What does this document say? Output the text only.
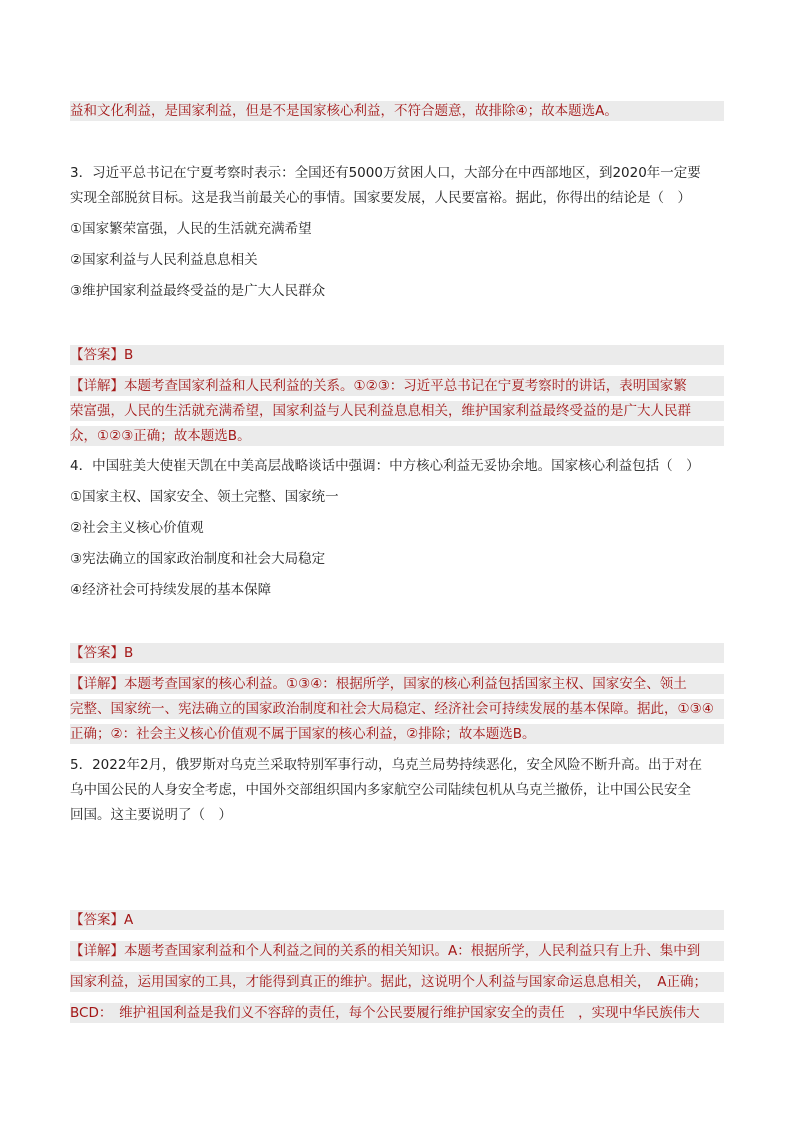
益和文化利益，是国家利益，但是不是国家核心利益，不符合题意，故排除④；故本题选A。
3．习近平总书记在宁夏考察时表示：全国还有5000万贫困人口，大部分在中西部地区，到2020年一定要
实现全部脱贫目标。这是我当前最关心的事情。国家要发展，人民要富裕。据此，你得出的结论是（　）
①国家繁荣富强，人民的生活就充满希望
②国家利益与人民利益息息相关
③维护国家利益最终受益的是广大人民群众
【答案】B
【详解】本题考查国家利益和人民利益的关系。①②③：习近平总书记在宁夏考察时的讲话，表明国家繁
荣富强，人民的生活就充满希望，国家利益与人民利益息息相关，维护国家利益最终受益的是广大人民群
众，①②③正确；故本题选B。
4．中国驻美大使崔天凯在中美高层战略谈话中强调：中方核心利益无妥协余地。国家核心利益包括（　）
①国家主权、国家安全、领土完整、国家统一
②社会主义核心价值观
③宪法确立的国家政治制度和社会大局稳定
④经济社会可持续发展的基本保障
【答案】B
【详解】本题考查国家的核心利益。①③④：根据所学，国家的核心利益包括国家主权、国家安全、领土
完整、国家统一、宪法确立的国家政治制度和社会大局稳定、经济社会可持续发展的基本保障。据此，①③④
正确；②：社会主义核心价值观不属于国家的核心利益，②排除；故本题选B。
5．2022年2月，俄罗斯对乌克兰采取特别军事行动，乌克兰局势持续恶化，安全风险不断升高。出于对在
乌中国公民的人身安全考虑，中国外交部组织国内多家航空公司陆续包机从乌克兰撤侨，让中国公民安全
回国。这主要说明了（　）
【答案】A
【详解】本题考查国家利益和个人利益之间的关系的相关知识。A：根据所学，人民利益只有上升、集中到
国家利益，运用国家的工具，才能得到真正的维护。据此，这说明个人利益与国家命运息息相关，　A正确；
BCD：　维护祖国利益是我们义不容辞的责任，每个公民要履行维护国家安全的责任　，实现中华民族伟大
